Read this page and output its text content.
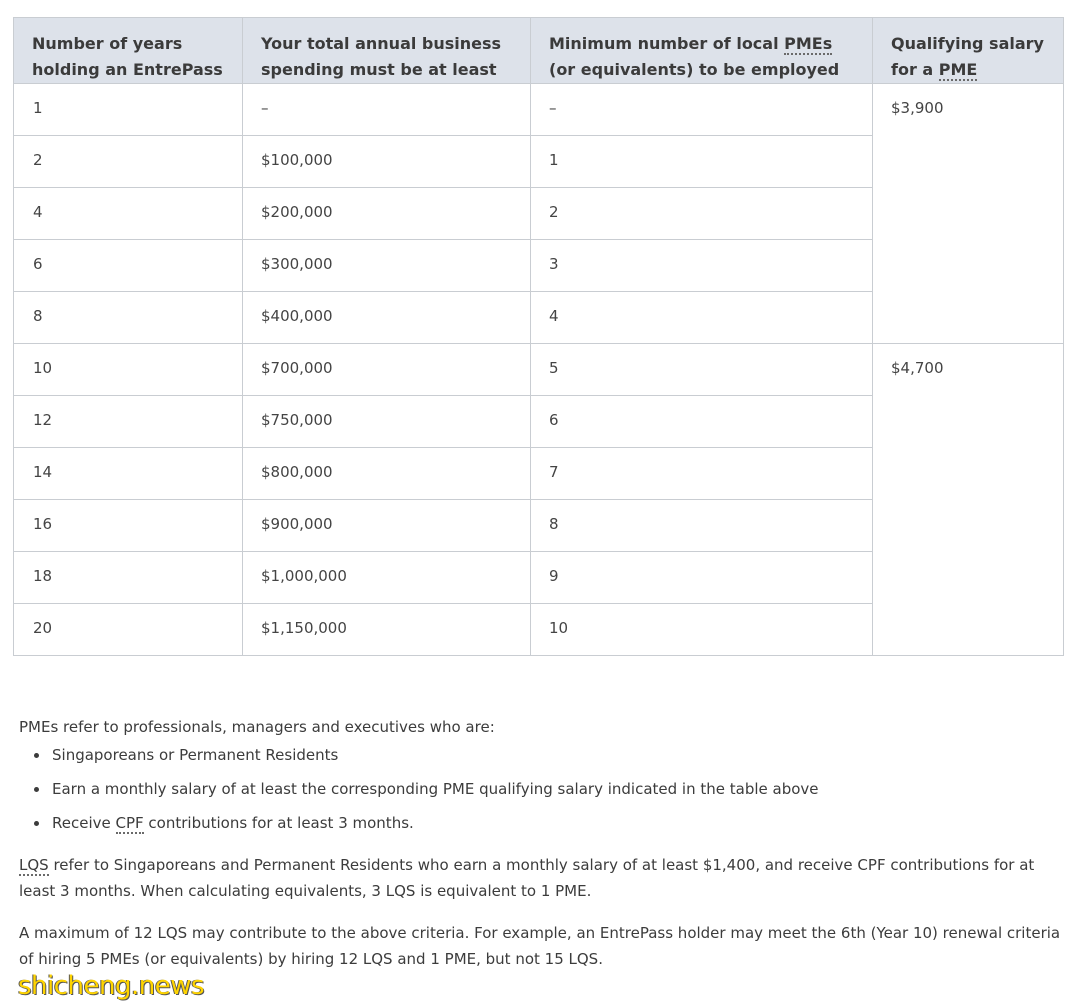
Number of years holding an EntrePass	Your total annual business spending must be at least	Minimum number of local PMEs (or equivalents) to be employed	Qualifying salary for a PME
1	–	–	$3,900
2	$100,000	1	
4	$200,000	2	
6	$300,000	3	
8	$400,000	4	
10	$700,000	5	$4,700
12	$750,000	6	
14	$800,000	7	
16	$900,000	8	
18	$1,000,000	9	
20	$1,150,000	10	

PMEs refer to professionals, managers and executives who are:

Singaporeans or Permanent Residents
Earn a monthly salary of at least the corresponding PME qualifying salary indicated in the table above
Receive CPF contributions for at least 3 months.

LQS refer to Singaporeans and Permanent Residents who earn a monthly salary of at least $1,400, and receive CPF contributions for at least 3 months. When calculating equivalents, 3 LQS is equivalent to 1 PME.

A maximum of 12 LQS may contribute to the above criteria. For example, an EntrePass holder may meet the 6th (Year 10) renewal criteria of hiring 5 PMEs (or equivalents) by hiring 12 LQS and 1 PME, but not 15 LQS.

shicheng.news
